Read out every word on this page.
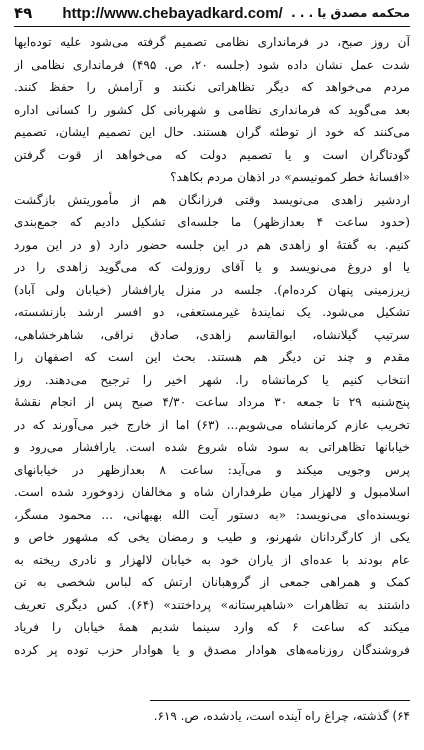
۴۹	http://www.chebayadkard.com/ محکمه مصدق یا . . .
آن روز صبح، در فرمانداری نظامی تصمیم گرفته می‌شود علیه توده‌ایها
شدت عمل نشان داده شود (جلسه ۲۰، ص. ۴۹۵) فرمانداری نظامی از
مردم می‌خواهد که دیگر تظاهراتی نکنند و آرامش را حفظ کنند.
بعد می‌گوید که فرمانداری نظامی و شهربانی کل کشور را کسانی اداره
می‌کنند که خود از توطئه گران هستند. حال این تصمیم ایشان، تصمیم
گودتاگران است و یا تصمیم دولت که می‌خواهد از قوت گرفتن
«افسانهٔ خطر کمونیسم» در اذهان مردم بکاهد؟
اردشیر زاهدی می‌نویسد وقتی فرزانگان هم از مأموریتش بازگشت
(حدود ساعت ۴ بعدازظهر) ما جلسه‌ای تشکیل دادیم که جمع‌بندی
کنیم. به گفتهٔ او زاهدی هم در این جلسه حضور دارد (و در این مورد
یا او دروغ می‌نویسد و یا آقای روزولت که می‌گوید زاهدی را در
زیرزمینی پنهان کرده‌ام). جلسه در منزل یارافشار (خیابان ولی آباد)
تشکیل می‌شود. یک نمایندهٔ غیرمستعفی، دو افسر ارشد بازنشسته،
سرتیپ گیلانشاه، ابوالقاسم زاهدی، صادق نراقی، شاهرخشاهی،
مقدم و چند تن دیگر هم هستند. بحث این است که اصفهان را
انتخاب کنیم یا کرمانشاه را. شهر اخیر را ترجیح می‌دهند. روز
پنج‌شنبه ۲۹ تا جمعه ۳۰ مرداد ساعت ۴/۳۰ صبح پس از انجام نقشهٔ
تخریب عازم کرمانشاه می‌شویم... (۶۳) اما از خارج خبر می‌آورند که در
خیابانها تظاهراتی به سود شاه شروع شده است. یارافشار می‌رود و
پرس وجویی میکند و می‌آید: ساعت ۸ بعدازظهر در خیابانهای
اسلامبول و لالهزار میان طرفداران شاه و مخالفان زدوخورد شده است.
نویسنده‌ای می‌نویسد: «به دستور آیت الله بهبهانی، ... محمود مسگر،
یکی از کارگردانان شهرنو، و طیب و رمضان یخی که مشهور خاص و
عام بودند با عده‌ای از یاران خود به خیابان لالهزار و نادری ریخته به
کمک و همراهی جمعی از گروهبانان ارتش که لباس شخصی به تن
داشتند به تظاهرات «شاهپرستانه» پرداختند» (۶۴). کس دیگری تعریف
میکند که ساعت ۶ که وارد سینما شدیم همهٔ خیابان را فریاد
فروشندگان روزنامه‌های هوادار مصدق و یا هوادار حزب توده پر کرده
۶۴) گذشته، چراغ راه آینده است، یادشده، ص. ۶۱۹.
